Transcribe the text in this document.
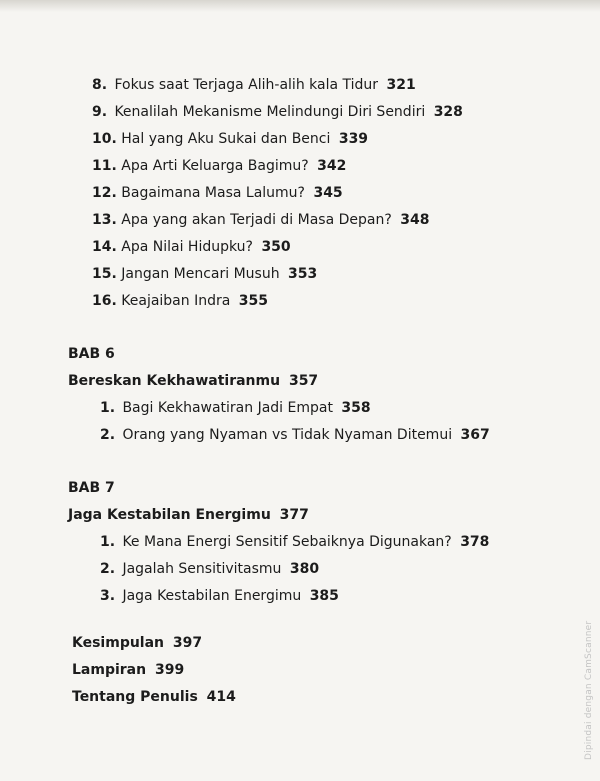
8. Fokus saat Terjaga Alih-alih kala Tidur 321
9. Kenalilah Mekanisme Melindungi Diri Sendiri 328
10. Hal yang Aku Sukai dan Benci 339
11. Apa Arti Keluarga Bagimu? 342
12. Bagaimana Masa Lalumu? 345
13. Apa yang akan Terjadi di Masa Depan? 348
14. Apa Nilai Hidupku? 350
15. Jangan Mencari Musuh 353
16. Keajaiban Indra 355
BAB 6
Bereskan Kekhawatiranmu 357
1. Bagi Kekhawatiran Jadi Empat 358
2. Orang yang Nyaman vs Tidak Nyaman Ditemui 367
BAB 7
Jaga Kestabilan Energimu 377
1. Ke Mana Energi Sensitif Sebaiknya Digunakan? 378
2. Jagalah Sensitivitasmu 380
3. Jaga Kestabilan Energimu 385
Kesimpulan 397
Lampiran 399
Tentang Penulis 414	Dipindai dengan CamScanner
